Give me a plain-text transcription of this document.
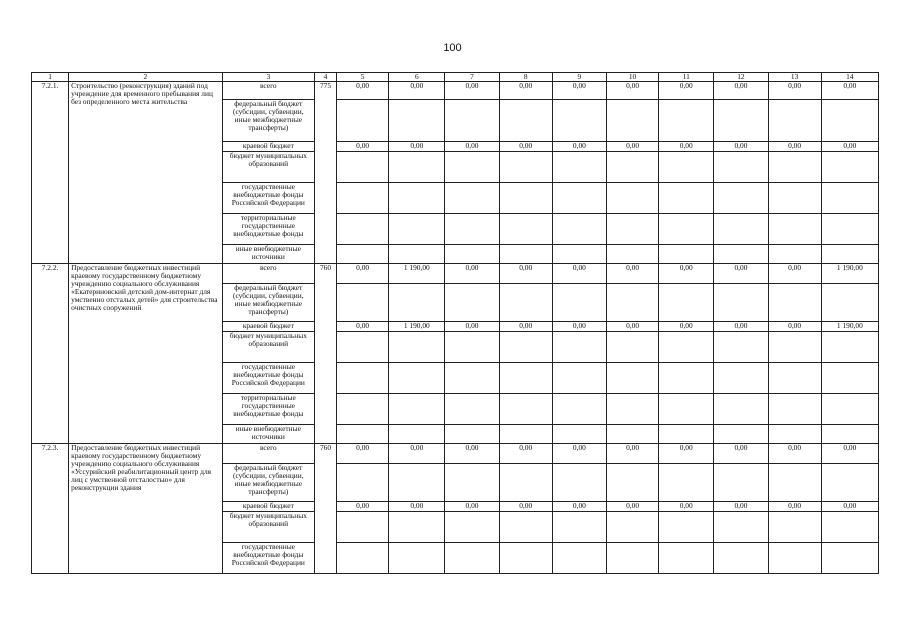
100
1	2	3	4	5	6	7	8	9	10	11	12	13	14
7.2.1.	Строительство (реконструкция) зданий под учреждение для временного пребывания лиц без определенного места жительства	всего	775	0,00	0,00	0,00	0,00	0,00	0,00	0,00	0,00	0,00	0,00
		федеральный бюджет (субсидии, субвенции, иные межбюджетные трансферты)											
		краевой бюджет		0,00	0,00	0,00	0,00	0,00	0,00	0,00	0,00	0,00	0,00
		бюджет муниципальных образований											
		государственные внебюджетные фонды Российской Федерации											
		территориальные государственные внебюджетные фонды											
		иные внебюджетные источники											
7.2.2.	Предоставление бюджетных инвестиций краевому государственному бюджетному учреждению социального обслуживания «Екатериновский детский дом-интернат для умственно отсталых детей» для строительства очистных сооружений	всего	760	0,00	1 190,00	0,00	0,00	0,00	0,00	0,00	0,00	0,00	1 190,00
		федеральный бюджет (субсидии, субвенции, иные межбюджетные трансферты)											
		краевой бюджет		0,00	1 190,00	0,00	0,00	0,00	0,00	0,00	0,00	0,00	1 190,00
		бюджет муниципальных образований											
		государственные внебюджетные фонды Российской Федерации											
		территориальные государственные внебюджетные фонды											
		иные внебюджетные источники											
7.2.3.	Предоставление бюджетных инвестиций краевому государственному бюджетному учреждению социального обслуживания «Уссурийский реабилитационный центр для лиц с умственной отсталостью» для реконструкции здания	всего	760	0,00	0,00	0,00	0,00	0,00	0,00	0,00	0,00	0,00	0,00
		федеральный бюджет (субсидии, субвенции, иные межбюджетные трансферты)											
		краевой бюджет		0,00	0,00	0,00	0,00	0,00	0,00	0,00	0,00	0,00	0,00
		бюджет муниципальных образований											
		государственные внебюджетные фонды Российской Федерации											
